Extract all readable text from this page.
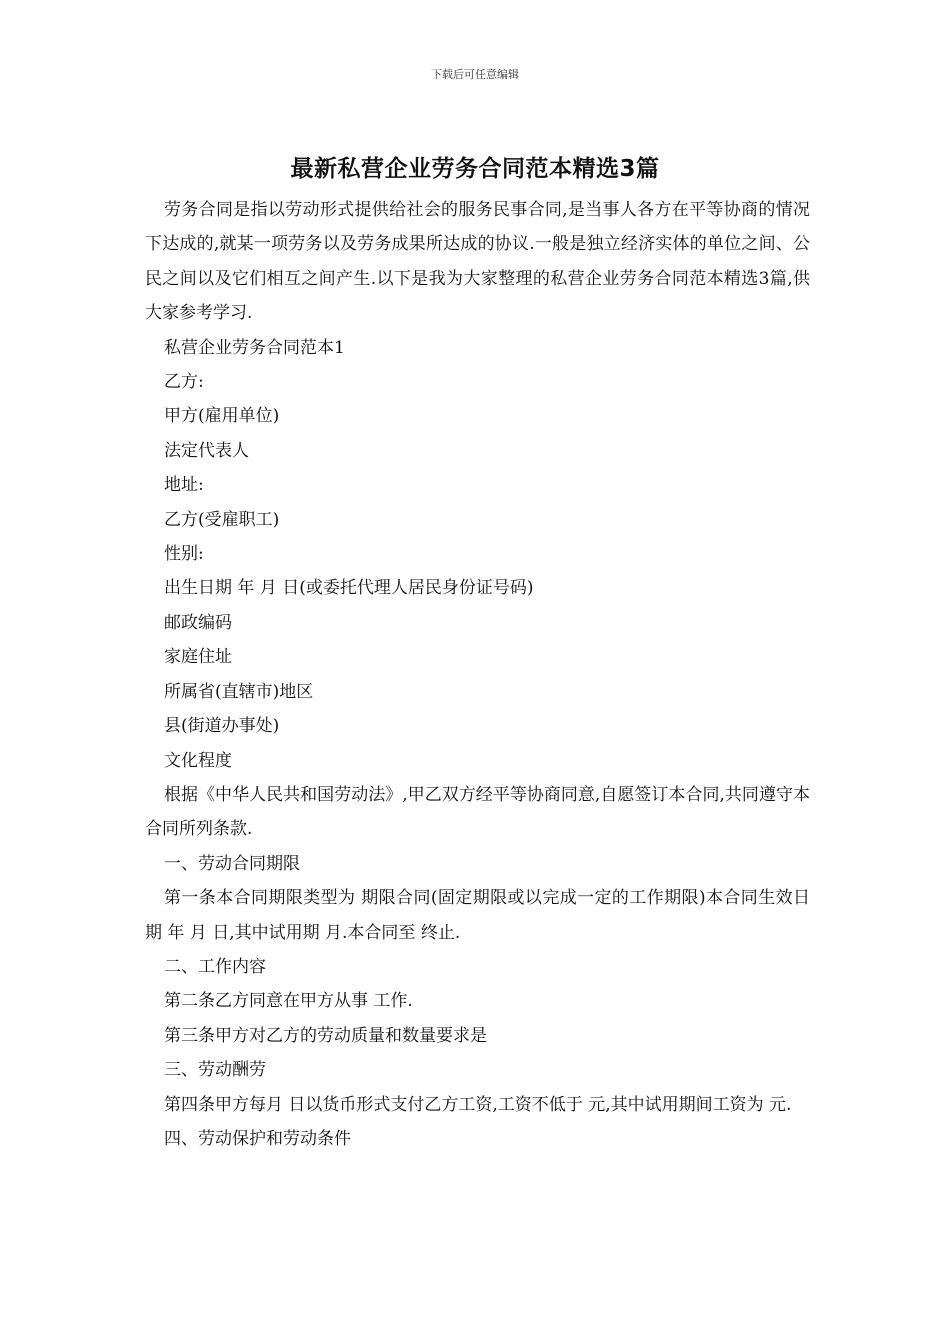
下载后可任意编辑
最新私营企业劳务合同范本精选3篇

劳务合同是指以劳动形式提供给社会的服务民事合同,是当事人各方在平等协商的情况下达成的,就某一项劳务以及劳务成果所达成的协议.一般是独立经济实体的单位之间、公民之间以及它们相互之间产生.以下是我为大家整理的私营企业劳务合同范本精选3篇,供大家参考学习.

私营企业劳务合同范本1

乙方:

甲方(雇用单位)

法定代表人

地址:

乙方(受雇职工)

性别:

出生日期 年 月 日(或委托代理人居民身份证号码)

邮政编码

家庭住址

所属省(直辖市)地区

县(街道办事处)

文化程度

根据《中华人民共和国劳动法》,甲乙双方经平等协商同意,自愿签订本合同,共同遵守本合同所列条款.

一、劳动合同期限

第一条本合同期限类型为 期限合同(固定期限或以完成一定的工作期限)本合同生效日期 年 月 日,其中试用期 月.本合同至 终止.

二、工作内容

第二条乙方同意在甲方从事 工作.

第三条甲方对乙方的劳动质量和数量要求是

三、劳动酬劳

第四条甲方每月 日以货币形式支付乙方工资,工资不低于 元,其中试用期间工资为 元.

四、劳动保护和劳动条件
